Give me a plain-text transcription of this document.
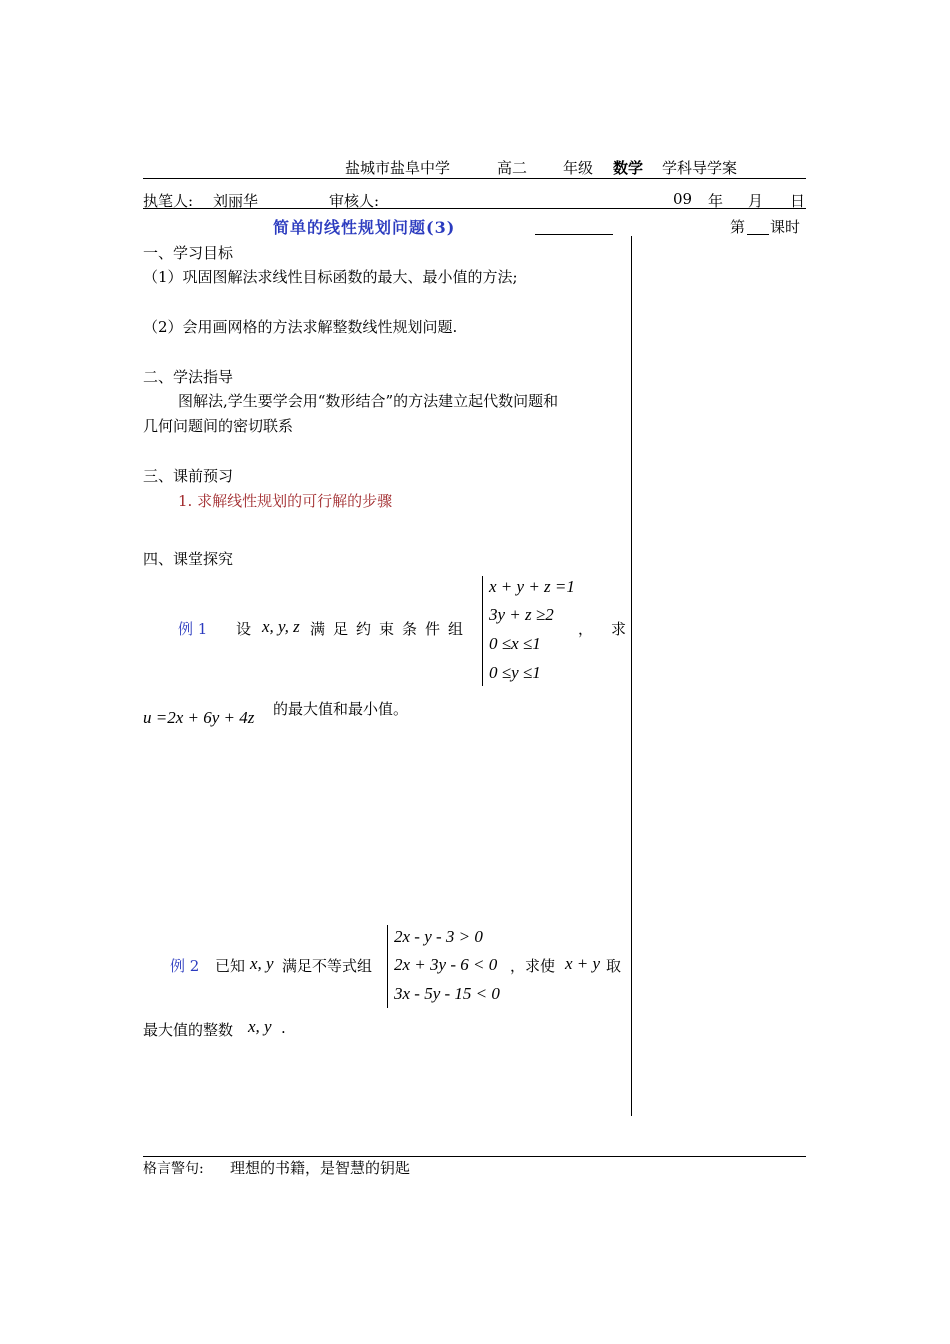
盐城市盐阜中学	高二 年级 数学 学科导学案
执笔人: 刘丽华	审核人:	09 年 月 日
简单的线性规划问题(3)	第 课时
一、学习目标
（1）巩固图解法求线性目标函数的最大、最小值的方法;
（2）会用画网格的方法求解整数线性规划问题.
二、学法指导
图解法,学生要学会用“数形结合”的方法建立起代数问题和
几何问题间的密切联系
三、课前预习
1. 求解线性规划的可行解的步骤
四、课堂探究
例 1 设 x, y, z 满足约束条件组
x + y + z =1
3y + z ≥2
0 ≤x ≤1
0 ≤y ≤1
，求
u =2x + 6y + 4z 的最大值和最小值。
例 2 已知 x, y 满足不等式组
2x - y - 3 > 0
2x + 3y - 6 < 0
3x - 5y - 15 < 0
，求使 x + y 取
最大值的整数 x, y .
格言警句: 理想的书籍，是智慧的钥匙
